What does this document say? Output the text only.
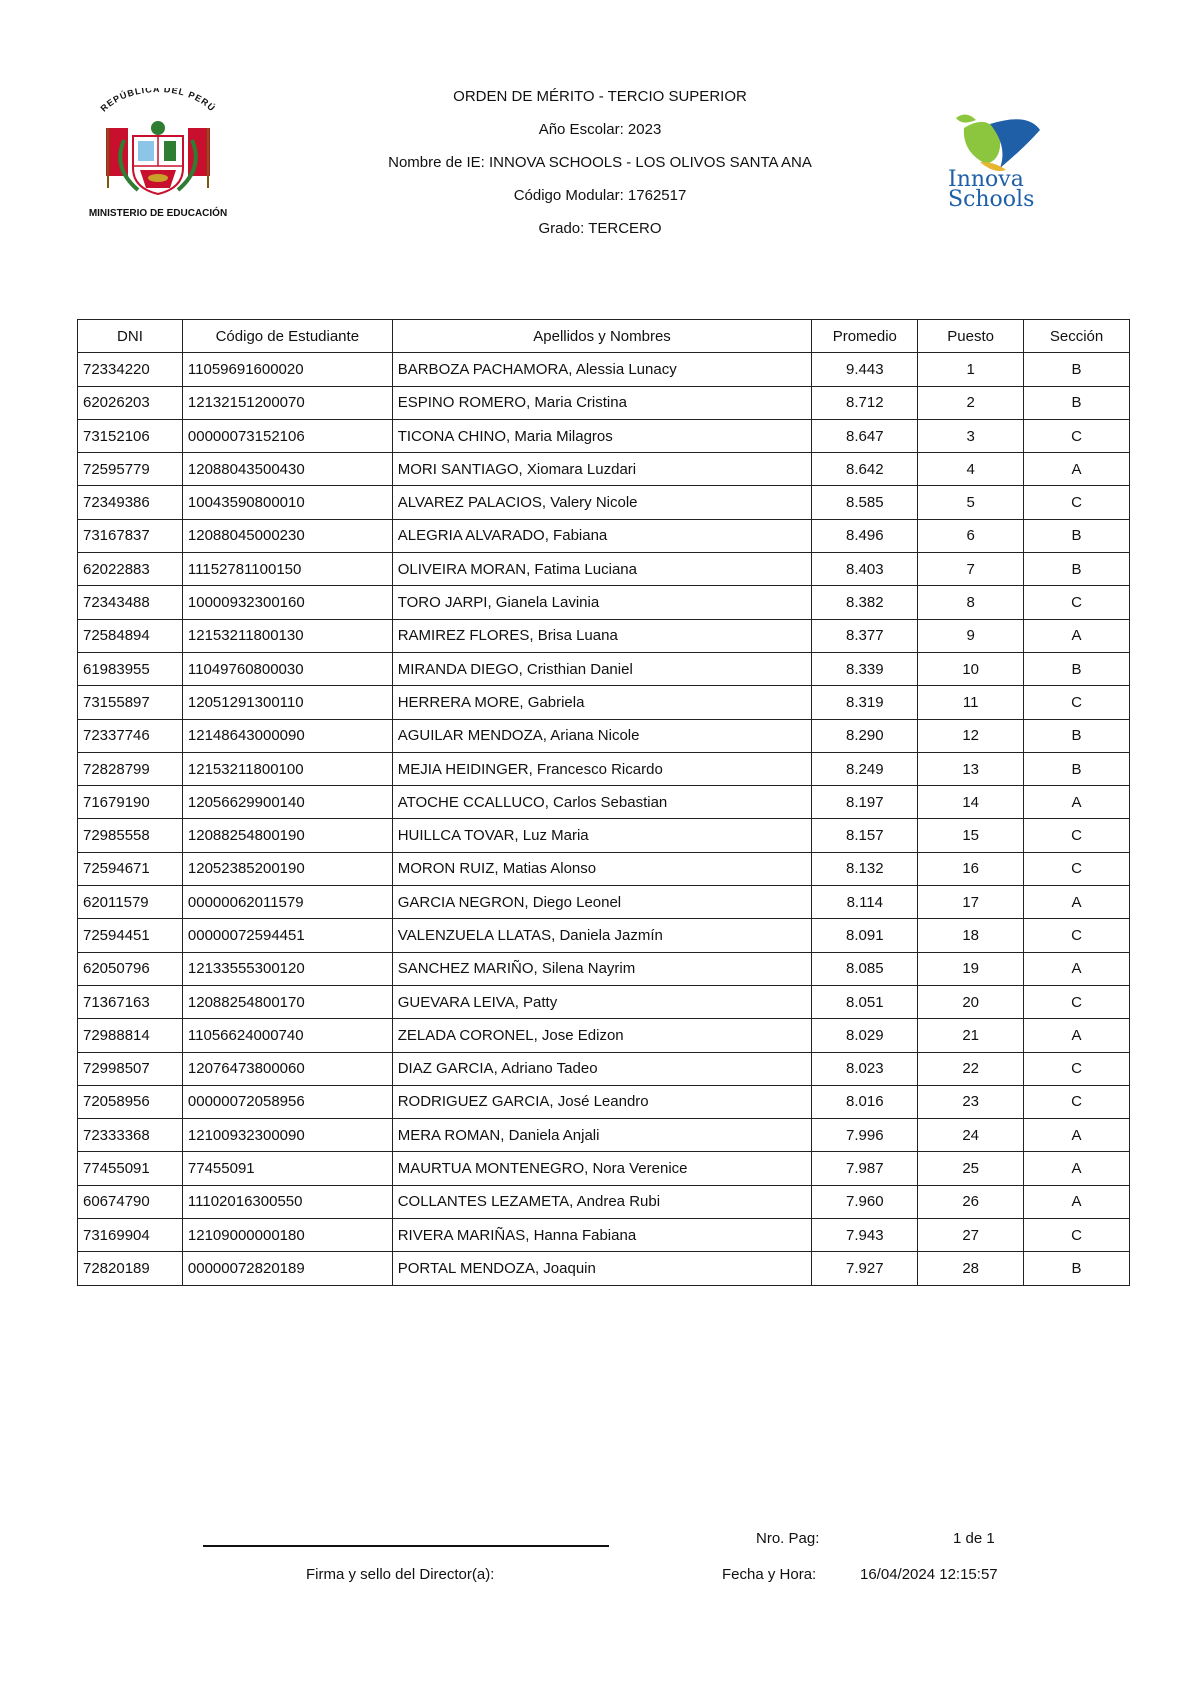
REPÚBLICA DEL PERÚ
MINISTERIO DE EDUCACIÓN
Innova
Schools
ORDEN DE MÉRITO - TERCIO SUPERIOR
Año Escolar: 2023
Nombre de IE: INNOVA SCHOOLS - LOS OLIVOS SANTA ANA
Código Modular: 1762517
Grado: TERCERO
DNI	Código de Estudiante	Apellidos y Nombres	Promedio	Puesto	Sección
72334220	11059691600020	BARBOZA PACHAMORA, Alessia Lunacy	9.443	1	B
62026203	12132151200070	ESPINO ROMERO, Maria Cristina	8.712	2	B
73152106	00000073152106	TICONA CHINO, Maria Milagros	8.647	3	C
72595779	12088043500430	MORI SANTIAGO, Xiomara Luzdari	8.642	4	A
72349386	10043590800010	ALVAREZ PALACIOS, Valery Nicole	8.585	5	C
73167837	12088045000230	ALEGRIA ALVARADO, Fabiana	8.496	6	B
62022883	11152781100150	OLIVEIRA MORAN, Fatima Luciana	8.403	7	B
72343488	10000932300160	TORO JARPI, Gianela Lavinia	8.382	8	C
72584894	12153211800130	RAMIREZ FLORES, Brisa Luana	8.377	9	A
61983955	11049760800030	MIRANDA DIEGO, Cristhian Daniel	8.339	10	B
73155897	12051291300110	HERRERA MORE, Gabriela	8.319	11	C
72337746	12148643000090	AGUILAR MENDOZA, Ariana Nicole	8.290	12	B
72828799	12153211800100	MEJIA HEIDINGER, Francesco Ricardo	8.249	13	B
71679190	12056629900140	ATOCHE CCALLUCO, Carlos Sebastian	8.197	14	A
72985558	12088254800190	HUILLCA TOVAR, Luz Maria	8.157	15	C
72594671	12052385200190	MORON RUIZ, Matias Alonso	8.132	16	C
62011579	00000062011579	GARCIA NEGRON, Diego Leonel	8.114	17	A
72594451	00000072594451	VALENZUELA LLATAS, Daniela Jazmín	8.091	18	C
62050796	12133555300120	SANCHEZ MARIÑO, Silena Nayrim	8.085	19	A
71367163	12088254800170	GUEVARA LEIVA, Patty	8.051	20	C
72988814	11056624000740	ZELADA CORONEL, Jose Edizon	8.029	21	A
72998507	12076473800060	DIAZ GARCIA, Adriano Tadeo	8.023	22	C
72058956	00000072058956	RODRIGUEZ GARCIA, José Leandro	8.016	23	C
72333368	12100932300090	MERA ROMAN, Daniela Anjali	7.996	24	A
77455091	77455091	MAURTUA MONTENEGRO, Nora Verenice	7.987	25	A
60674790	11102016300550	COLLANTES LEZAMETA, Andrea Rubi	7.960	26	A
73169904	12109000000180	RIVERA MARIÑAS, Hanna Fabiana	7.943	27	C
72820189	00000072820189	PORTAL MENDOZA, Joaquin	7.927	28	B
Firma y sello del Director(a):
Nro. Pag:	1 de 1
Fecha y Hora:	16/04/2024 12:15:57
